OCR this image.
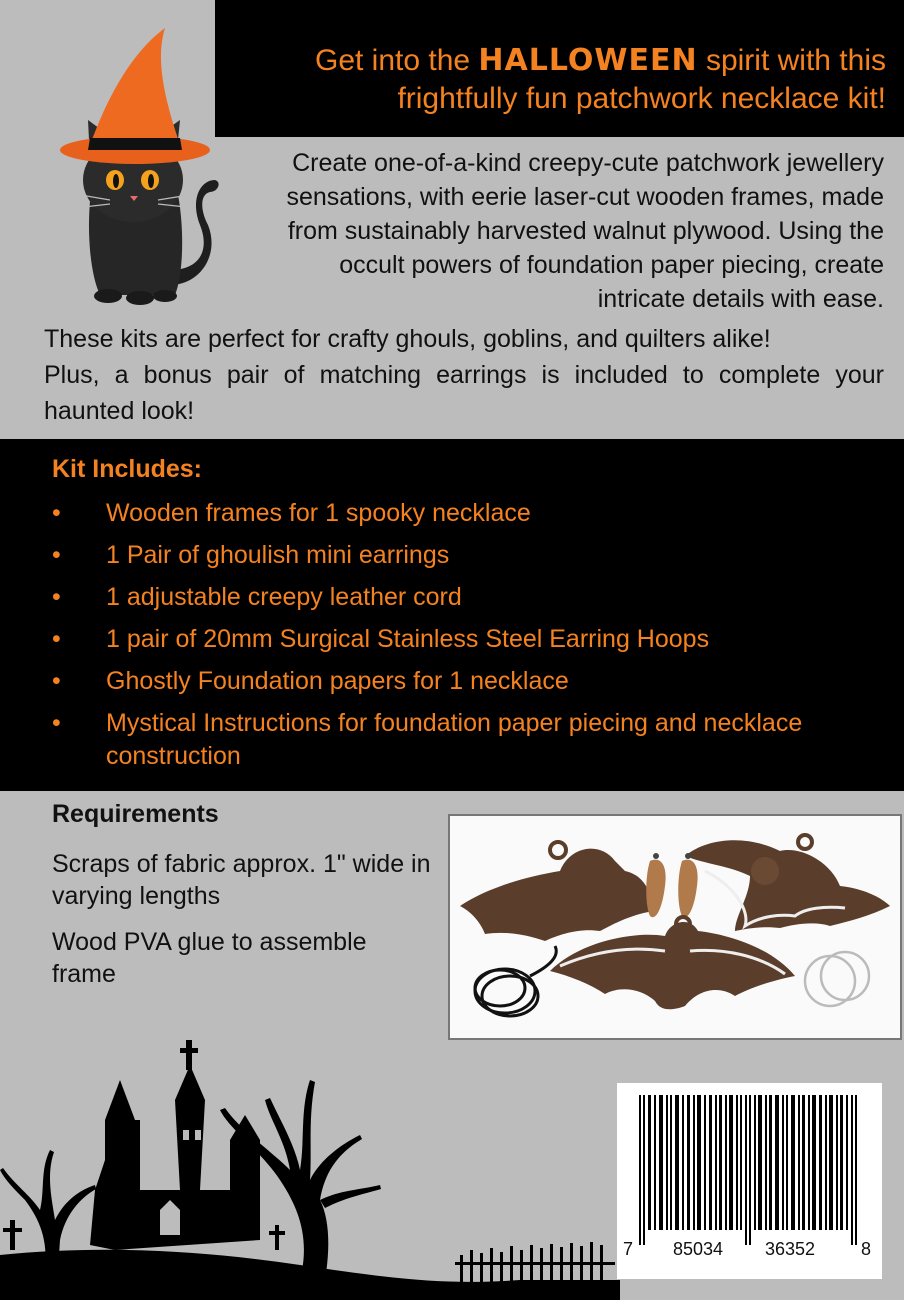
Get into the HALLOWEEN spirit with this
frightfully fun patchwork necklace kit!
Create one-of-a-kind creepy-cute patchwork jewellery sensations, with eerie laser-cut wooden frames, made from sustainably harvested walnut plywood. Using the occult powers of foundation paper piecing, create intricate details with ease.

These kits are perfect for crafty ghouls, goblins, and quilters alike!

Plus, a bonus pair of matching earrings is included to complete your haunted look!

Kit Includes:
• Wooden frames for 1 spooky necklace
• 1 Pair of ghoulish mini earrings
• 1 adjustable creepy leather cord
• 1 pair of 20mm Surgical Stainless Steel Earring Hoops
• Ghostly Foundation papers for 1 necklace
• Mystical Instructions for foundation paper piecing and necklace construction
Requirements
Scraps of fabric approx. 1" wide in varying lengths
Wood PVA glue to assemble frame
7 85034 36352	8
